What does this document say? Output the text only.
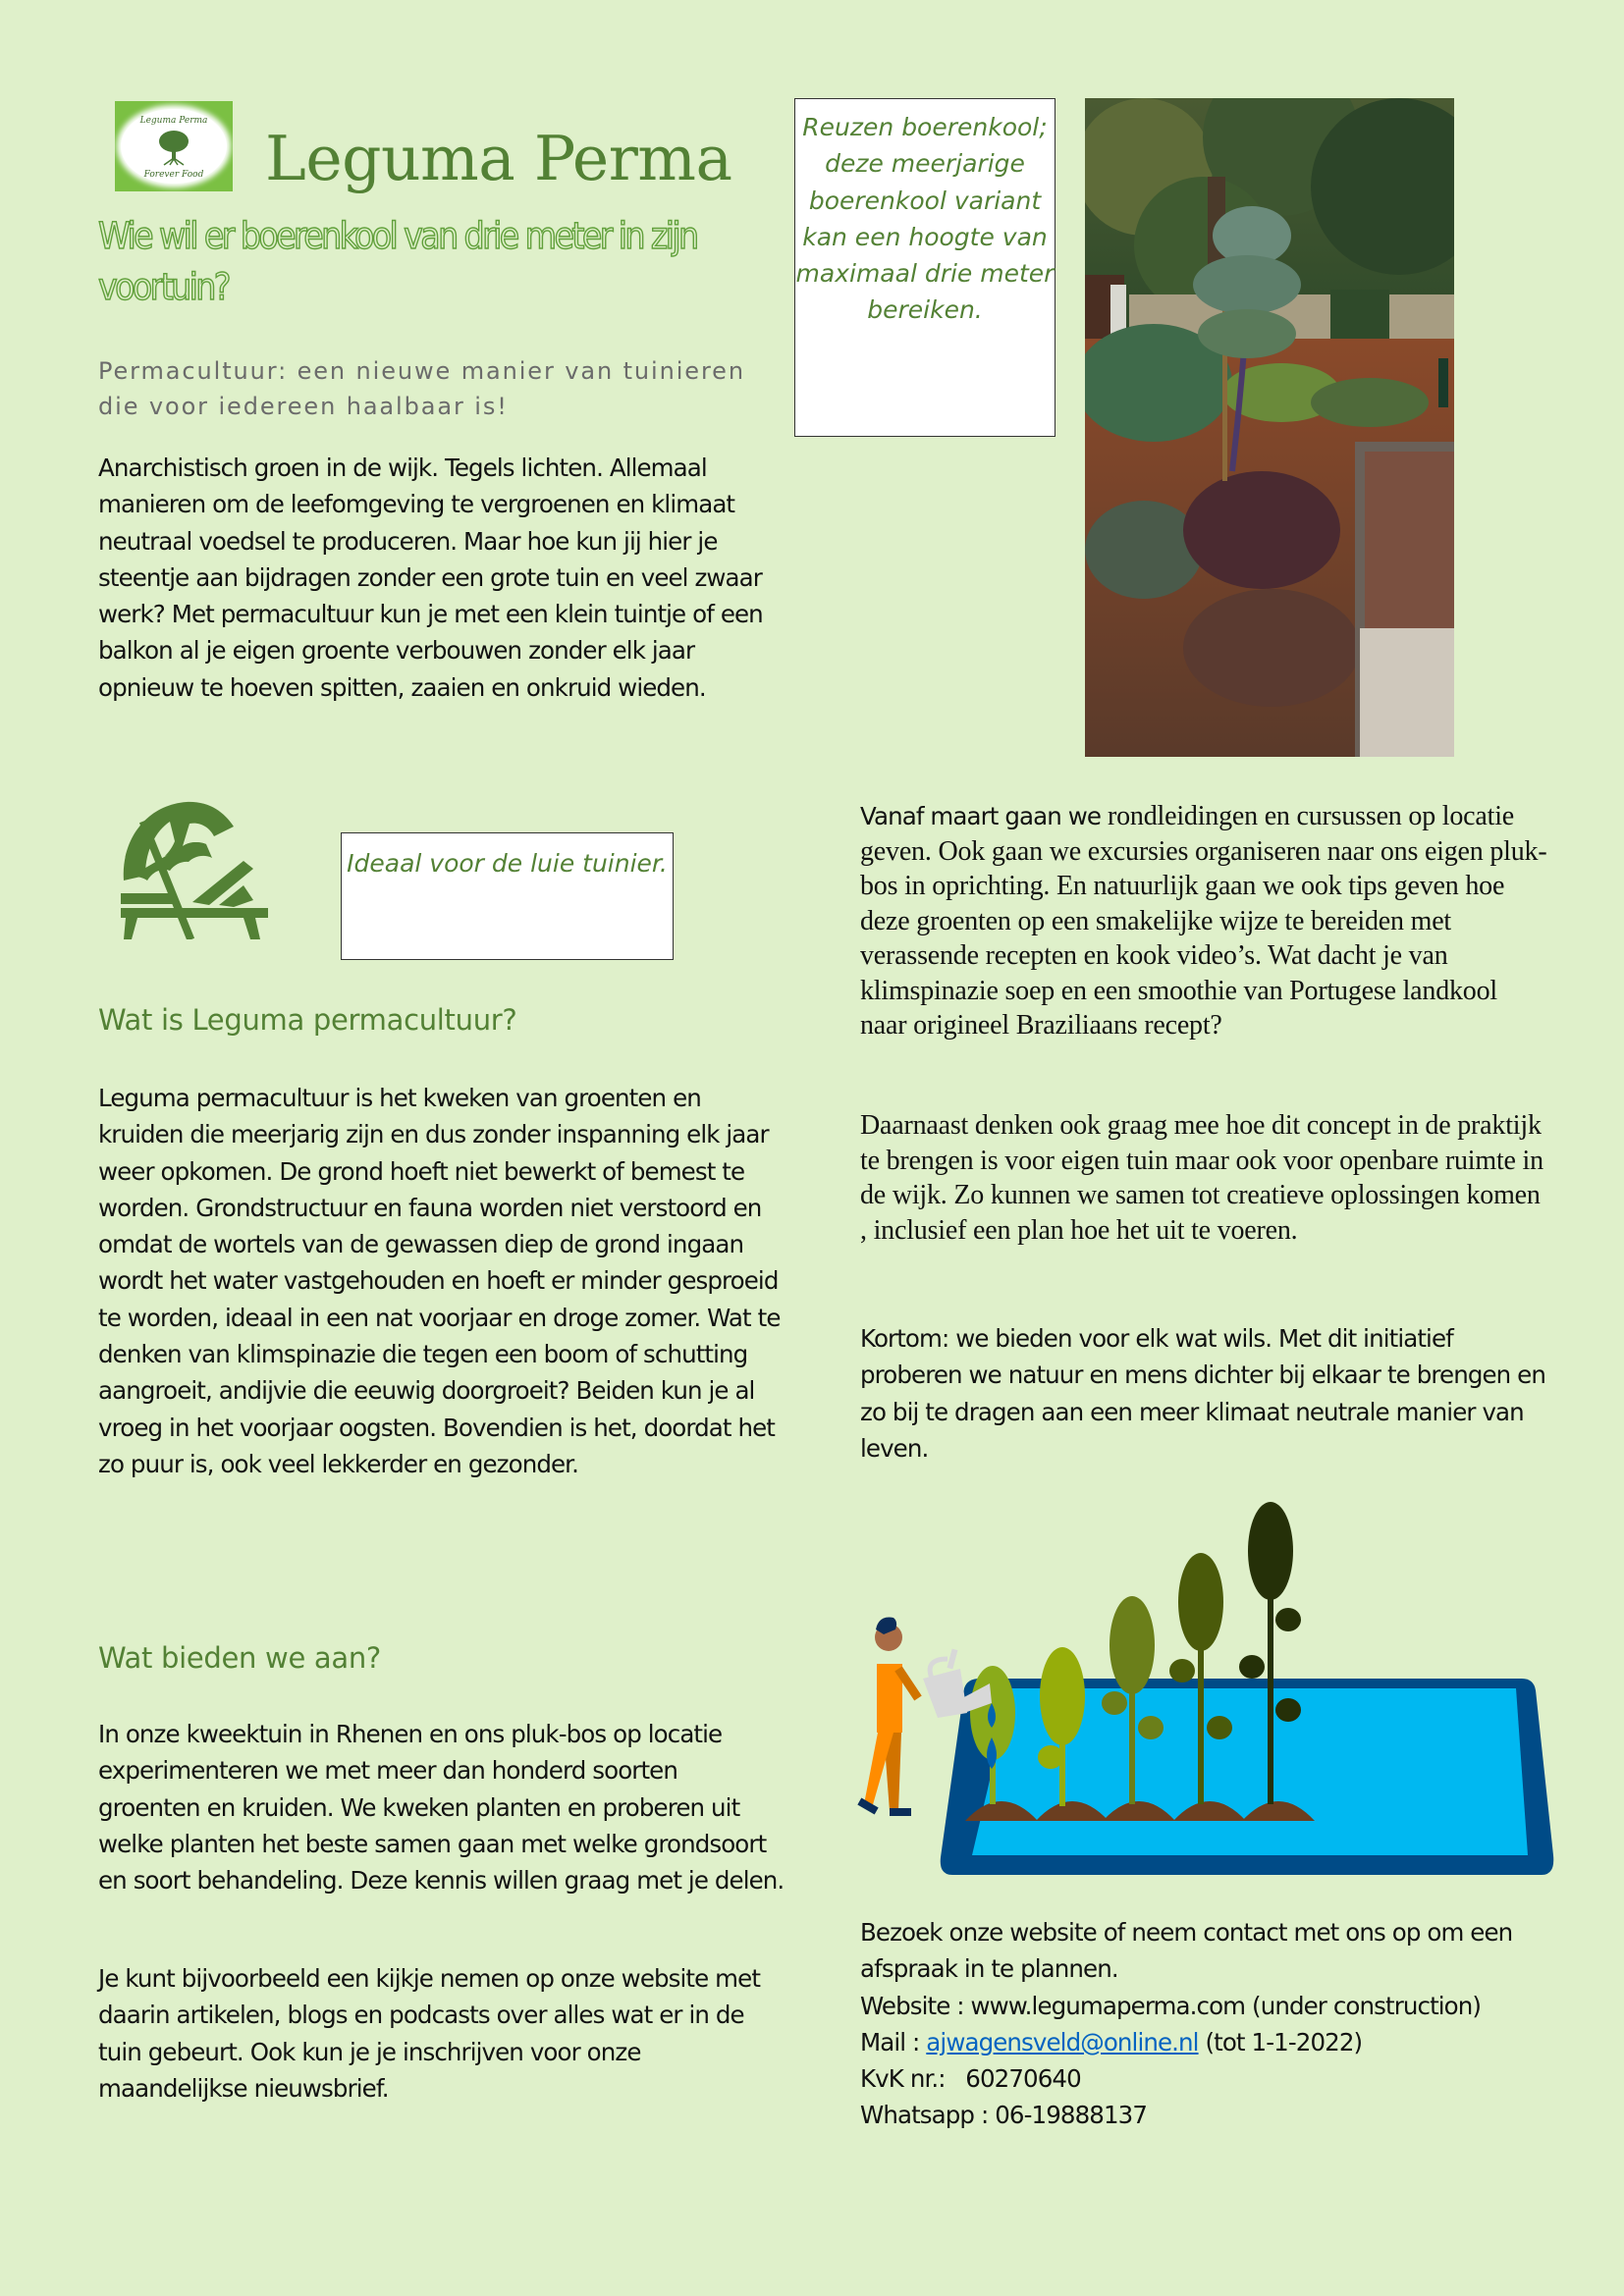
Leguma Perma
Forever Food Leguma Perma
Wie wil er boerenkool van drie meter in zijn voortuin?
Permacultuur: een nieuwe manier van tuinieren die voor iedereen haalbaar is!
Anarchistisch groen in de wijk. Tegels lichten. Allemaal manieren om de leefomgeving te vergroenen en klimaat neutraal voedsel te produceren. Maar hoe kun jij hier je steentje aan bijdragen zonder een grote tuin en veel zwaar werk? Met permacultuur kun je met een klein tuintje of een balkon al je eigen groente verbouwen zonder elk jaar opnieuw te hoeven spitten, zaaien en onkruid wieden.
Reuzen boerenkool; deze meerjarige boerenkool variant kan een hoogte van maximaal drie meter bereiken.
Ideaal voor de luie tuinier.
Wat is Leguma permacultuur?
Leguma permacultuur is het kweken van groenten en kruiden die meerjarig zijn en dus zonder inspanning elk jaar weer opkomen. De grond hoeft niet bewerkt of bemest te worden. Grondstructuur en fauna worden niet verstoord en omdat de wortels van de gewassen diep de grond ingaan wordt het water vastgehouden en hoeft er minder gesproeid te worden, ideaal in een nat voorjaar en droge zomer. Wat te denken van klimspinazie die tegen een boom of schutting aangroeit, andijvie die eeuwig doorgroeit? Beiden kun je al vroeg in het voorjaar oogsten. Bovendien is het, doordat het zo puur is, ook veel lekkerder en gezonder.
Wat bieden we aan?
In onze kweektuin in Rhenen en ons pluk-bos op locatie experimenteren we met meer dan honderd soorten groenten en kruiden. We kweken planten en proberen uit welke planten het beste samen gaan met welke grondsoort en soort behandeling. Deze kennis willen graag met je delen.
Je kunt bijvoorbeeld een kijkje nemen op onze website met daarin artikelen, blogs en podcasts over alles wat er in de tuin gebeurt. Ook kun je je inschrijven voor onze maandelijkse nieuwsbrief.
Vanaf maart gaan we rondleidingen en cursussen op locatie geven. Ook gaan we excursies organiseren naar ons eigen pluk-bos in oprichting. En natuurlijk gaan we ook tips geven hoe deze groenten op een smakelijke wijze te bereiden met verassende recepten en kook video’s. Wat dacht je van klimspinazie soep en een smoothie van Portugese landkool naar origineel Braziliaans recept?
Daarnaast denken ook graag mee hoe dit concept in de praktijk te brengen is voor eigen tuin maar ook voor openbare ruimte in de wijk. Zo kunnen we samen tot creatieve oplossingen komen , inclusief een plan hoe het uit te voeren.
Kortom: we bieden voor elk wat wils. Met dit initiatief proberen we natuur en mens dichter bij elkaar te brengen en zo bij te dragen aan een meer klimaat neutrale manier van leven.
Bezoek onze website of neem contact met ons op om een afspraak in te plannen.
Website : www.legumaperma.com (under construction)
Mail : ajwagensveld@online.nl (tot 1-1-2022)
KvK nr.:   60270640
Whatsapp : 06-19888137
